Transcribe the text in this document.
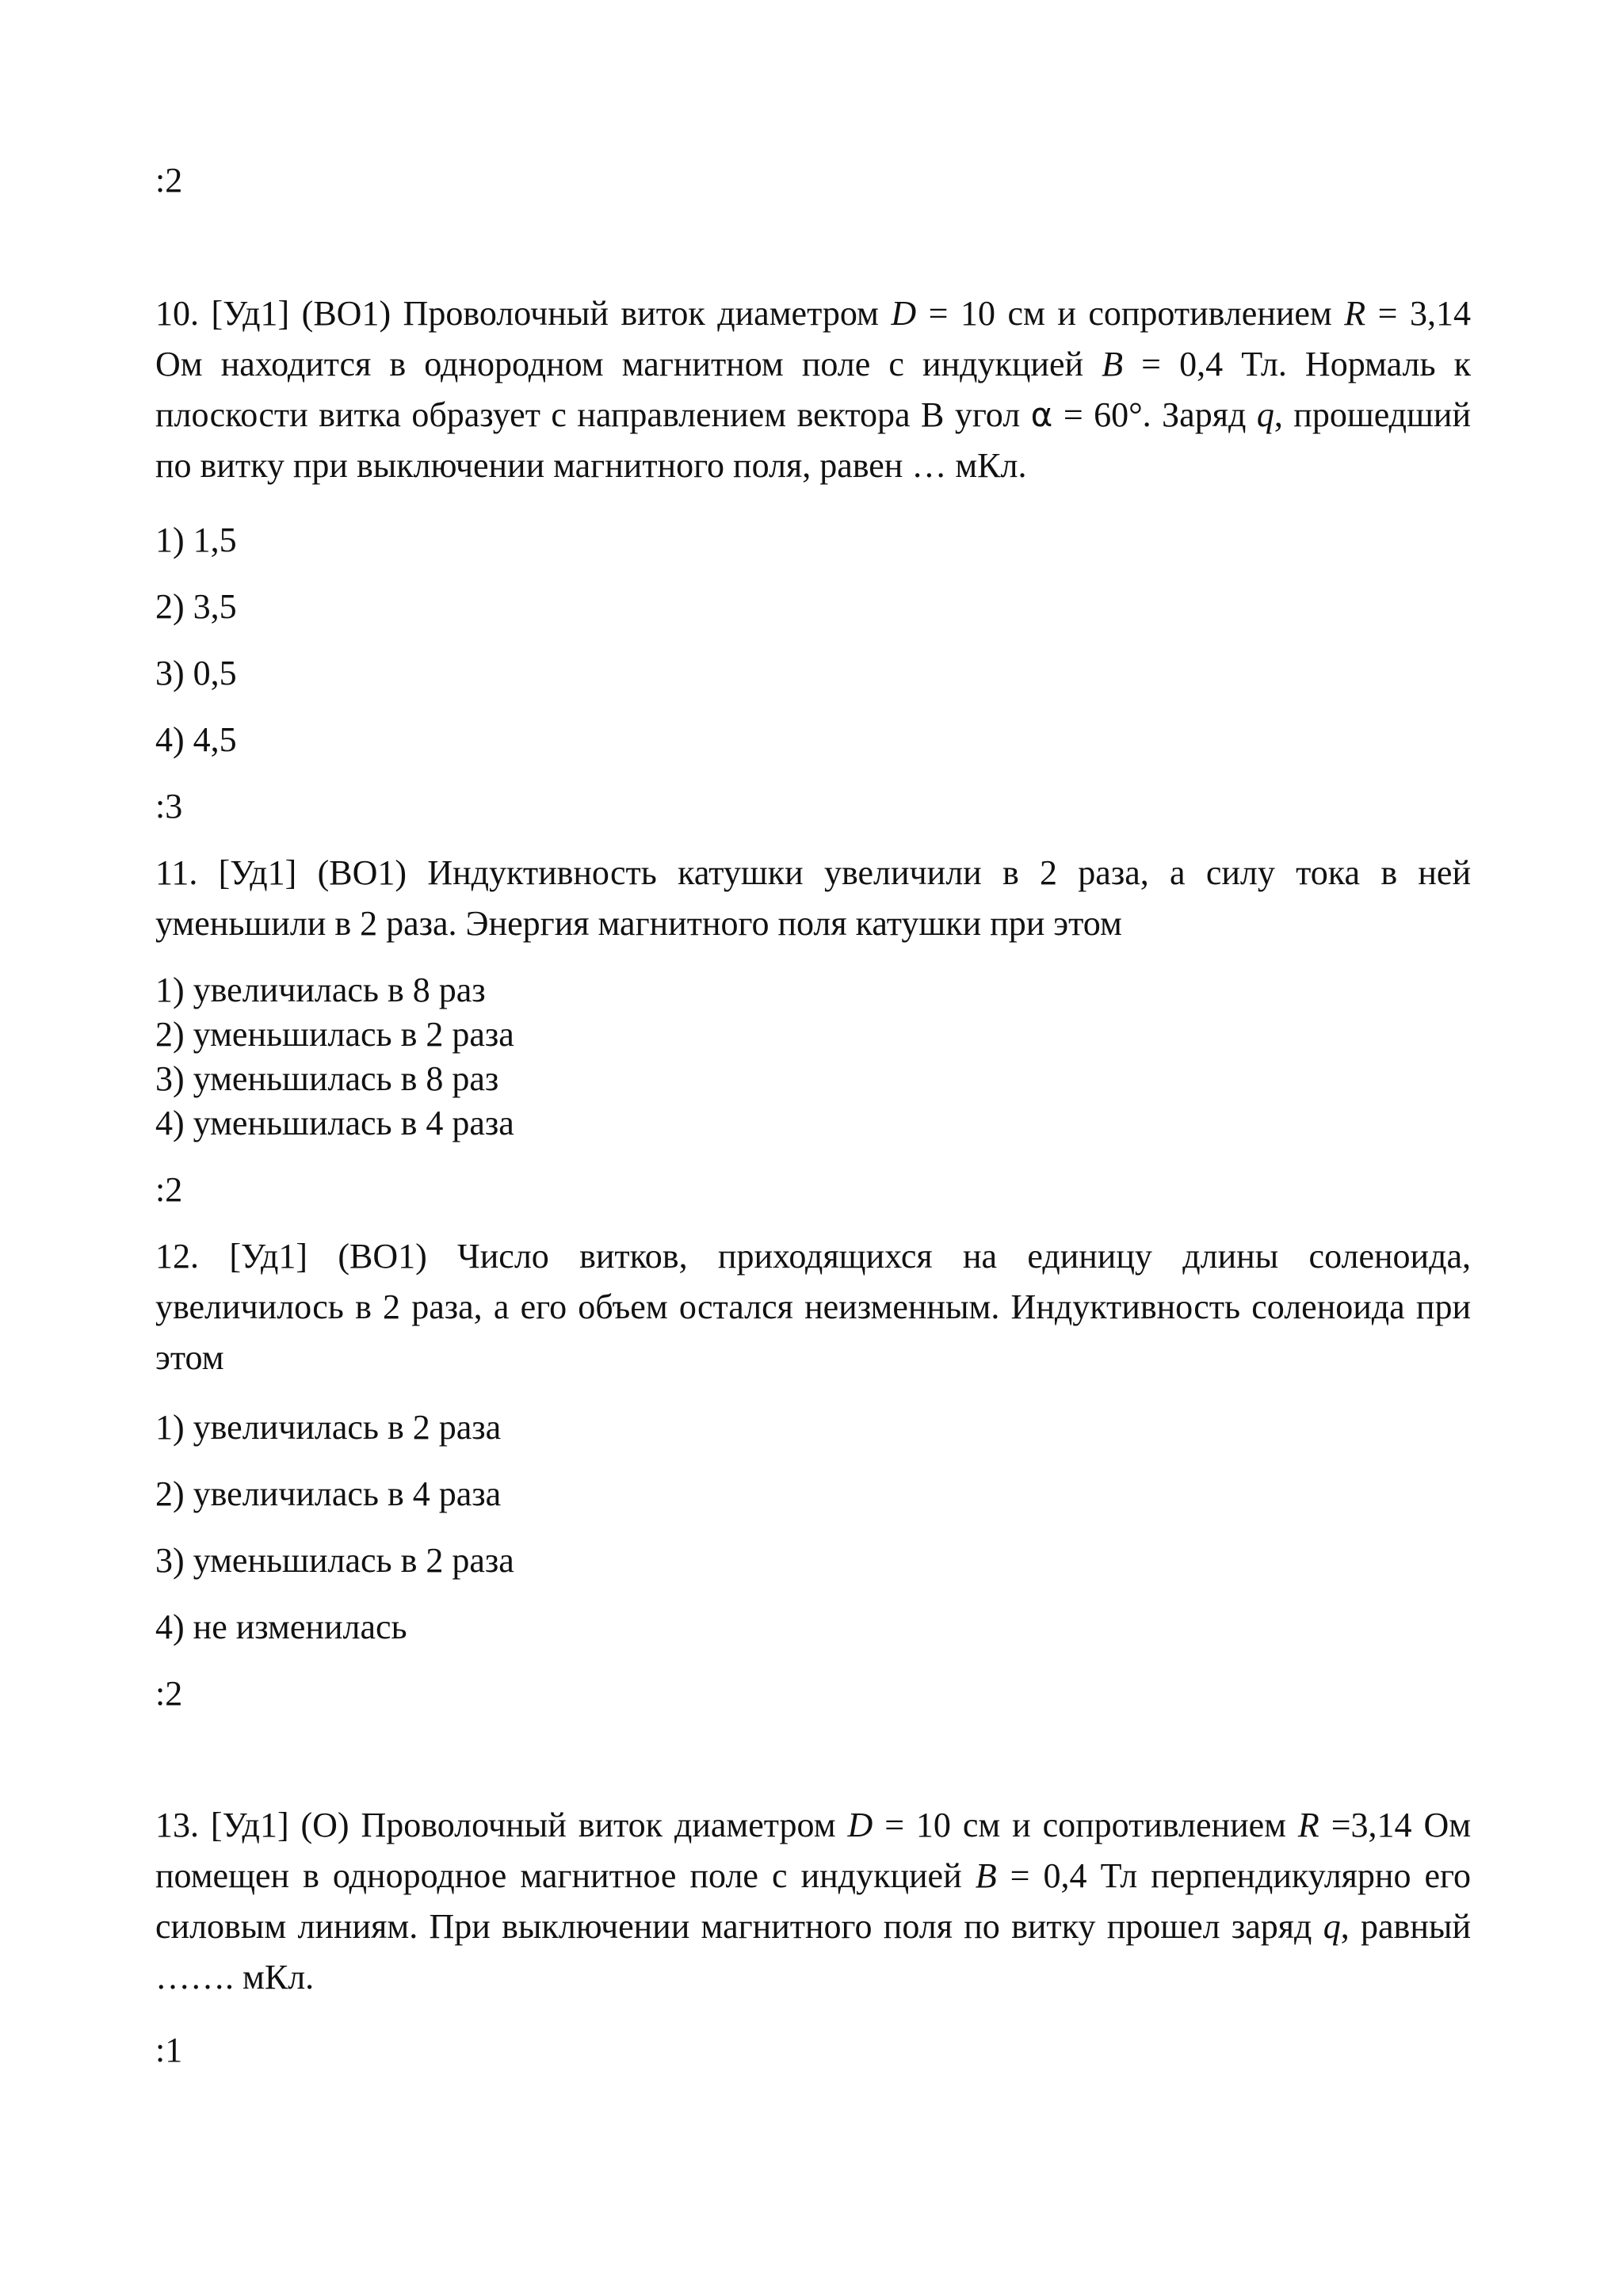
:2

10. [Уд1] (ВО1) Проволочный виток диаметром D = 10 см и сопротивлением R = 3,14 Ом находится в однородном магнитном поле с индукцией B = 0,4 Тл. Нормаль к плоскости витка образует с направлением вектора В угол α = 60°. Заряд q, прошедший по витку при выключении магнитного поля, равен … мКл.

1) 1,5

2) 3,5

3) 0,5

4) 4,5

:3

11. [Уд1] (ВО1) Индуктивность катушки увеличили в 2 раза, а силу тока в ней уменьшили в 2 раза. Энергия магнитного поля катушки при этом

1) увеличилась в 8 раз
2) уменьшилась в 2 раза
3) уменьшилась в 8 раз
4) уменьшилась в 4 раза

:2

12. [Уд1] (ВО1) Число витков, приходящихся на единицу длины соленоида, увеличилось в 2 раза, а его объем остался неизменным. Индуктивность соленоида при этом

1) увеличилась в 2 раза

2) увеличилась в 4 раза

3) уменьшилась в 2 раза

4) не изменилась

:2

13. [Уд1] (О) Проволочный виток диаметром D = 10 см и сопротивлением R =3,14 Ом помещен в однородное магнитное поле с индукцией B = 0,4 Тл перпендикулярно его силовым линиям. При выключении магнитного поля по витку прошел заряд q, равный ……. мКл.

:1
